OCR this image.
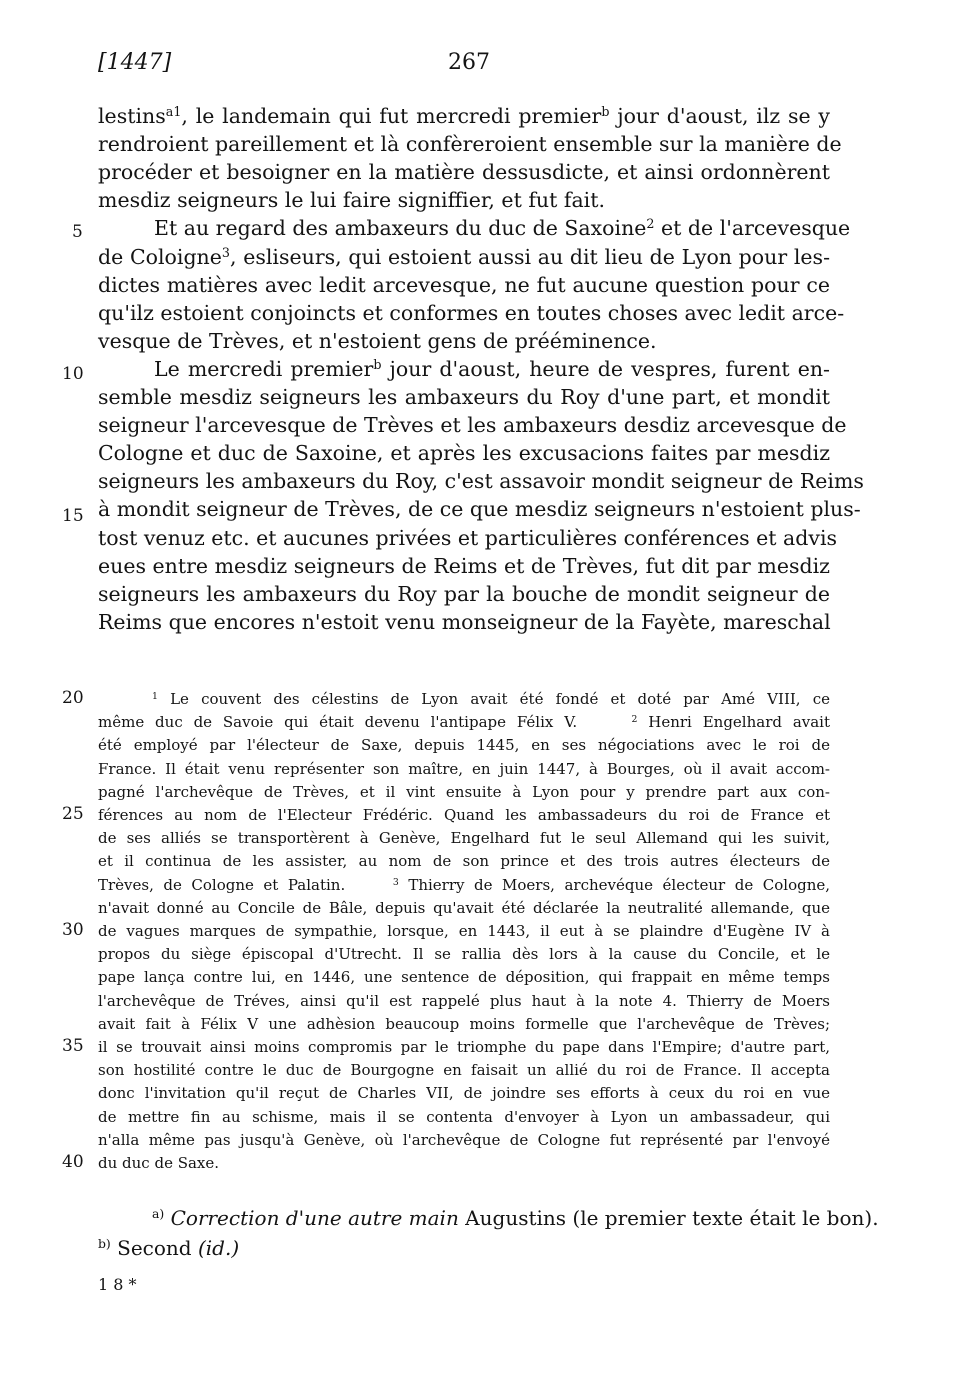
[1447]	267
lestins$^{a1}$, le landemain qui fut mercredi premier$^b$ jour d'aoust, ilz se y
rendroient pareillement et là confèreroient ensemble sur la manière de
procéder et besoigner en la matière dessusdicte, et ainsi ordonnèrent
mesdiz seigneurs le lui faire signiffier, et fut fait.
Et au regard des ambaxeurs du duc de Saxoine$^2$ et de l'arcevesque
de Coloigne$^3$, esliseurs, qui estoient aussi au dit lieu de Lyon pour les-
dictes matières avec ledit arcevesque, ne fut aucune question pour ce
qu'ilz estoient conjoincts et conformes en toutes choses avec ledit arce-
vesque de Trèves, et n'estoient gens de prééminence.
Le mercredi premier$^b$ jour d'aoust, heure de vespres, furent en-
semble mesdiz seigneurs les ambaxeurs du Roy d'une part, et mondit
seigneur l'arcevesque de Trèves et les ambaxeurs desdiz arcevesque de
Cologne et duc de Saxoine, et après les excusacions faites par mesdiz
seigneurs les ambaxeurs du Roy, c'est assavoir mondit seigneur de Reims
à mondit seigneur de Trèves, de ce que mesdiz seigneurs n'estoient plus-
tost venuz etc. et aucunes privées et particulières conférences et advis
eues entre mesdiz seigneurs de Reims et de Trèves, fut dit par mesdiz
seigneurs les ambaxeurs du Roy par la bouche de mondit seigneur de
Reims que encores n'estoit venu monseigneur de la Fayète, mareschal
$^1$ Le couvent des célestins de Lyon avait été fondé et doté par Amé VIII, ce
même duc de Savoie qui était devenu l'antipape Félix V.     $^2$ Henri Engelhard avait
été employé par l'électeur de Saxe, depuis 1445, en ses négociations avec le roi de
France. Il était venu représenter son maître, en juin 1447, à Bourges, où il avait accom-
pagné l'archevêque de Trèves, et il vint ensuite à Lyon pour y prendre part aux con-
férences au nom de l'Electeur Frédéric. Quand les ambassadeurs du roi de France et
de ses alliés se transportèrent à Genève, Engelhard fut le seul Allemand qui les suivit,
et il continua de les assister, au nom de son prince et des trois autres électeurs de
Trèves, de Cologne et Palatin.     $^3$ Thierry de Moers, archevéque électeur de Cologne,
n'avait donné au Concile de Bâle, depuis qu'avait été déclarée la neutralité allemande, que
de vagues marques de sympathie, lorsque, en 1443, il eut à se plaindre d'Eugène IV à
propos du siège épiscopal d'Utrecht. Il se rallia dès lors à la cause du Concile, et le
pape lança contre lui, en 1446, une sentence de déposition, qui frappait en même temps
l'archevêque de Tréves, ainsi qu'il est rappelé plus haut à la note 4. Thierry de Moers
avait fait à Félix V une adhèsion beaucoup moins formelle que l'archevêque de Trèves;
il se trouvait ainsi moins compromis par le triomphe du pape dans l'Empire; d'autre part,
son hostilité contre le duc de Bourgogne en faisait un allié du roi de France. Il accepta
donc l'invitation qu'il reçut de Charles VII, de joindre ses efforts à ceux du roi en vue
de mettre fin au schisme, mais il se contenta d'envoyer à Lyon un ambassadeur, qui
n'alla même pas jusqu'à Genève, où l'archevêque de Cologne fut représenté par l'envoyé
du duc de Saxe.
5
10
15
20
25
30
35
40
$^{a)}$ Correction d'une autre main Augustins (le premier texte était le bon).
$^{b)}$ Second (id.)
1 8 *
